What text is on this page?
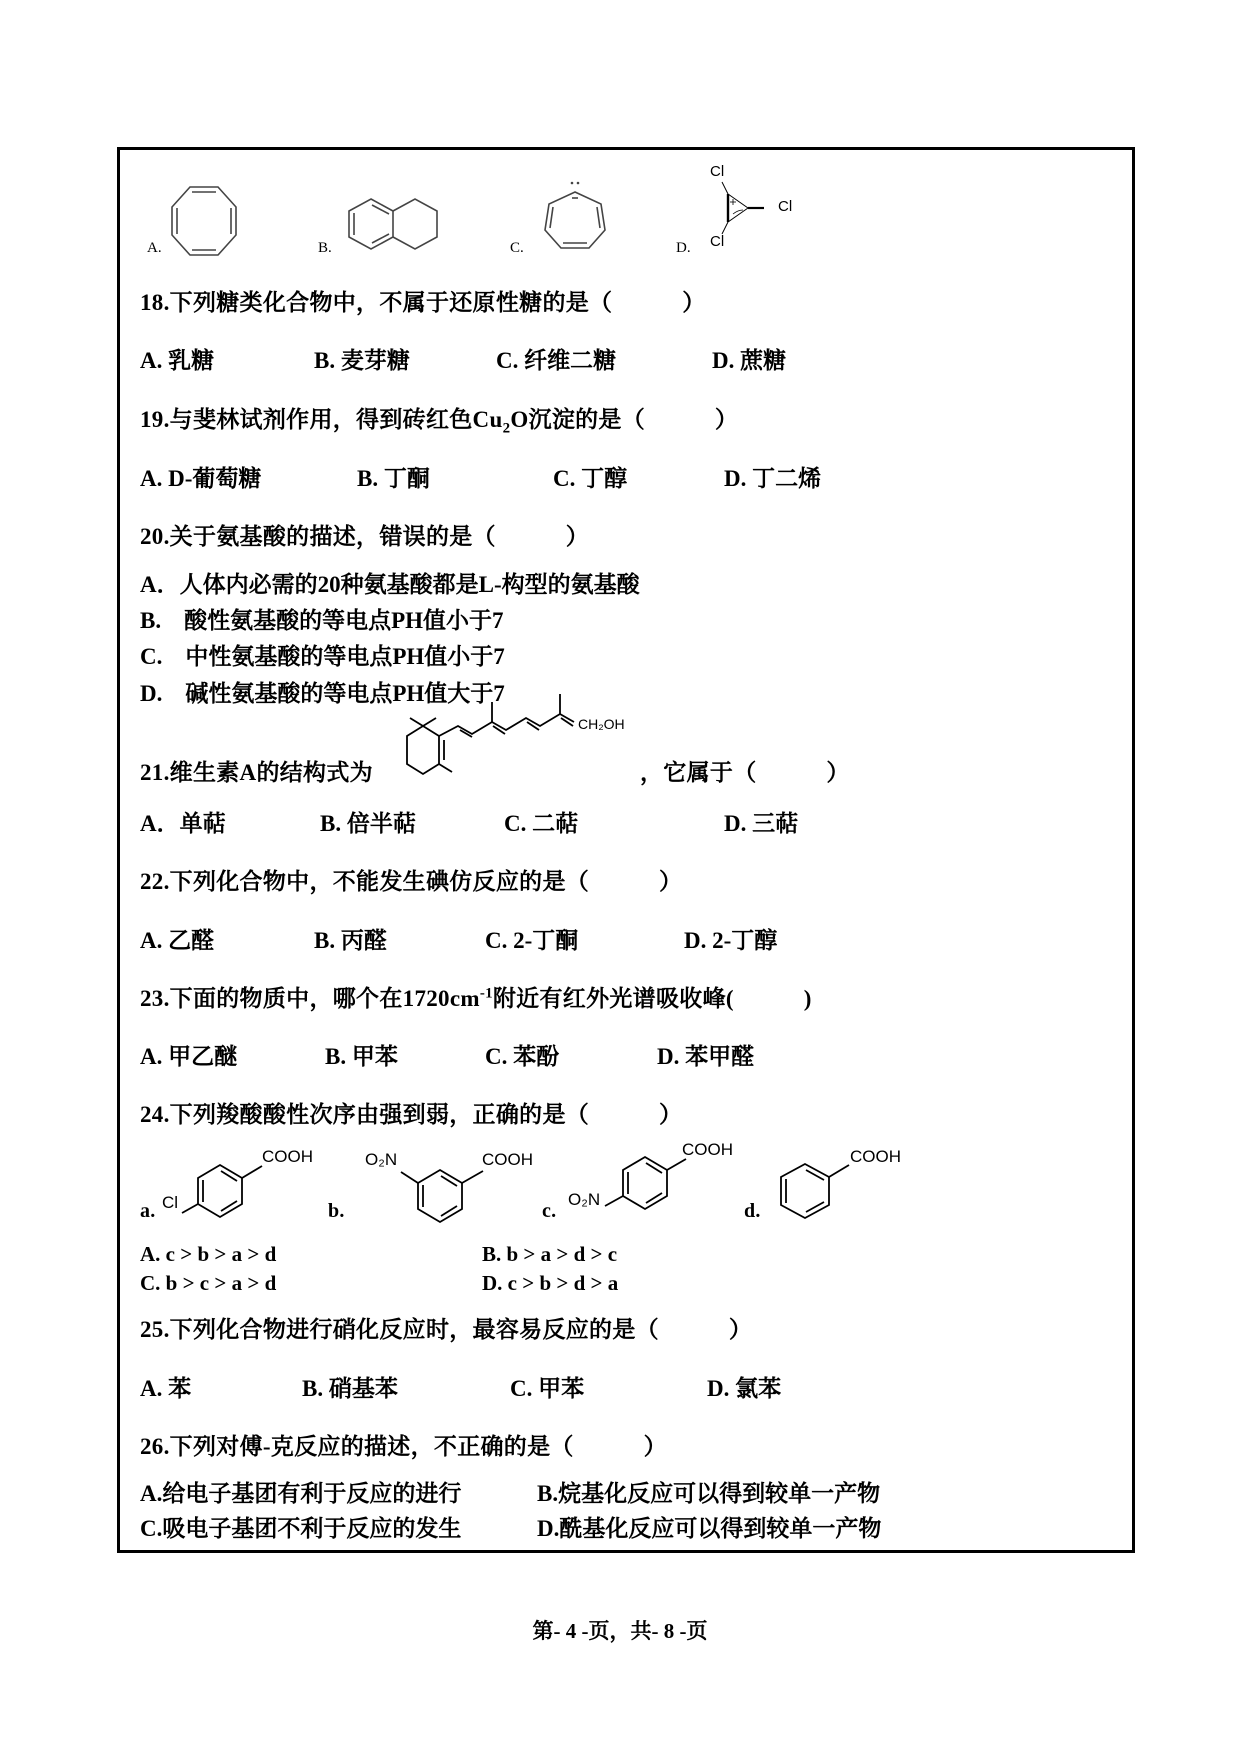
A.	B.	C.	D.
Cl
Cl
Cl
18.下列糖类化合物中，不属于还原性糖的是（　　　）
A. 乳糖	B. 麦芽糖	C. 纤维二糖	D. 蔗糖
19.与斐林试剂作用，得到砖红色$Cu_2O$沉淀的是（　　　）
A. D-葡萄糖	B. 丁酮	C. 丁醇	D. 丁二烯
20.关于氨基酸的描述，错误的是（　　　）
A．人体内必需的20种氨基酸都是L-构型的氨基酸
B.　酸性氨基酸的等电点PH值小于7
C.　中性氨基酸的等电点PH值小于7
D.　碱性氨基酸的等电点PH值大于7
21.维生素A的结构式为
CH₂OH
，它属于（　　　）
A．单萜	B. 倍半萜	C. 二萜	D. 三萜
22.下列化合物中，不能发生碘仿反应的是（　　　）
A. 乙醛	B. 丙醛	C. 2-丁酮	D. 2-丁醇
23.下面的物质中，哪个在$1720cm^{-1}$附近有红外光谱吸收峰(　　　)
A. 甲乙醚	B. 甲苯	C. 苯酚	D. 苯甲醛
24.下列羧酸酸性次序由强到弱，正确的是（　　　）
a. Cl
COOH
b.
O₂N	COOH
c.
O₂N
COOH
d.
COOH
A. c > b > a > d	B. b > a > d > c
C. b > c > a > d	D. c > b > d > a
25.下列化合物进行硝化反应时，最容易反应的是（　　　）
A. 苯	B. 硝基苯	C. 甲苯	D. 氯苯
26.下列对傅-克反应的描述，不正确的是（　　　）
A.给电子基团有利于反应的进行	B.烷基化反应可以得到较单一产物
C.吸电子基团不利于反应的发生	D.酰基化反应可以得到较单一产物
第- 4 -页，共- 8 -页
